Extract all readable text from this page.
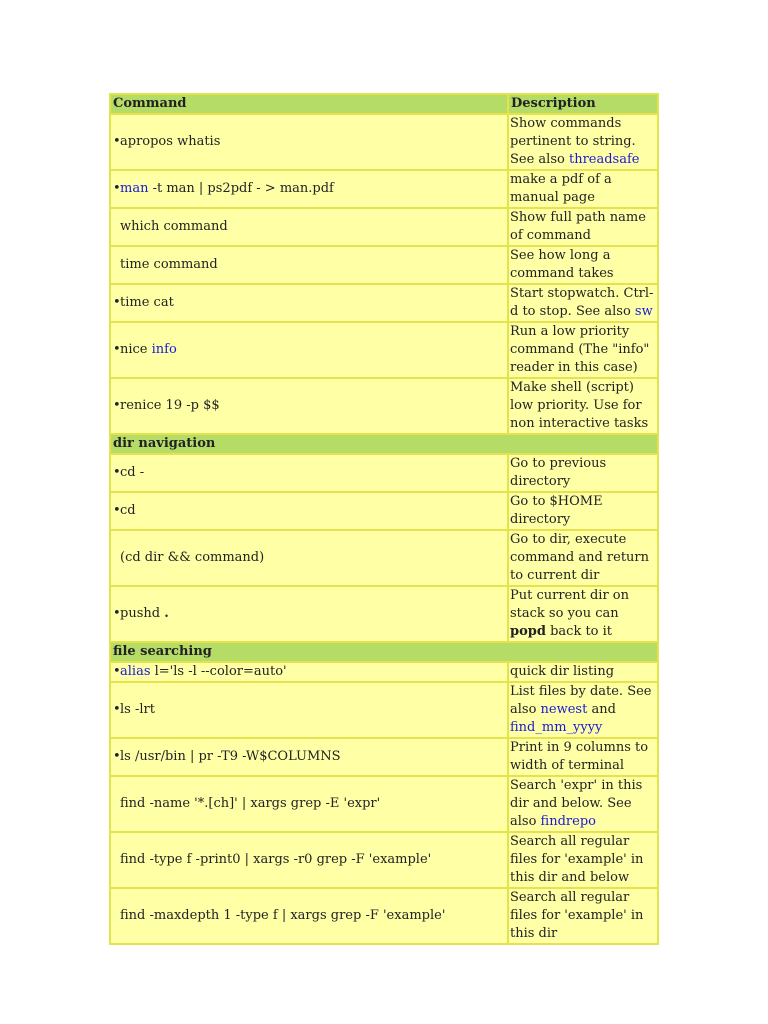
Command	Description
•apropos whatis	Show commands pertinent to string. See also threadsafe
•man -t man | ps2pdf - > man.pdf	make a pdf of a manual page
which command	Show full path name of command
time command	See how long a command takes
•time cat	Start stopwatch. Ctrl-d to stop. See also sw
•nice info	Run a low priority command (The "info" reader in this case)
•renice 19 -p $$	Make shell (script) low priority. Use for non interactive tasks
dir navigation	
•cd -	Go to previous directory
•cd	Go to $HOME directory
(cd dir && command)	Go to dir, execute command and return to current dir
•pushd .	Put current dir on stack so you can popd back to it
file searching	
•alias l='ls -l --color=auto'	quick dir listing
•ls -lrt	List files by date. See also newest and find_mm_yyyy
•ls /usr/bin | pr -T9 -W$COLUMNS	Print in 9 columns to width of terminal
find -name '*.[ch]' | xargs grep -E 'expr'	Search 'expr' in this dir and below. See also findrepo
find -type f -print0 | xargs -r0 grep -F 'example'	Search all regular files for 'example' in this dir and below
find -maxdepth 1 -type f | xargs grep -F 'example'	Search all regular files for 'example' in this dir
